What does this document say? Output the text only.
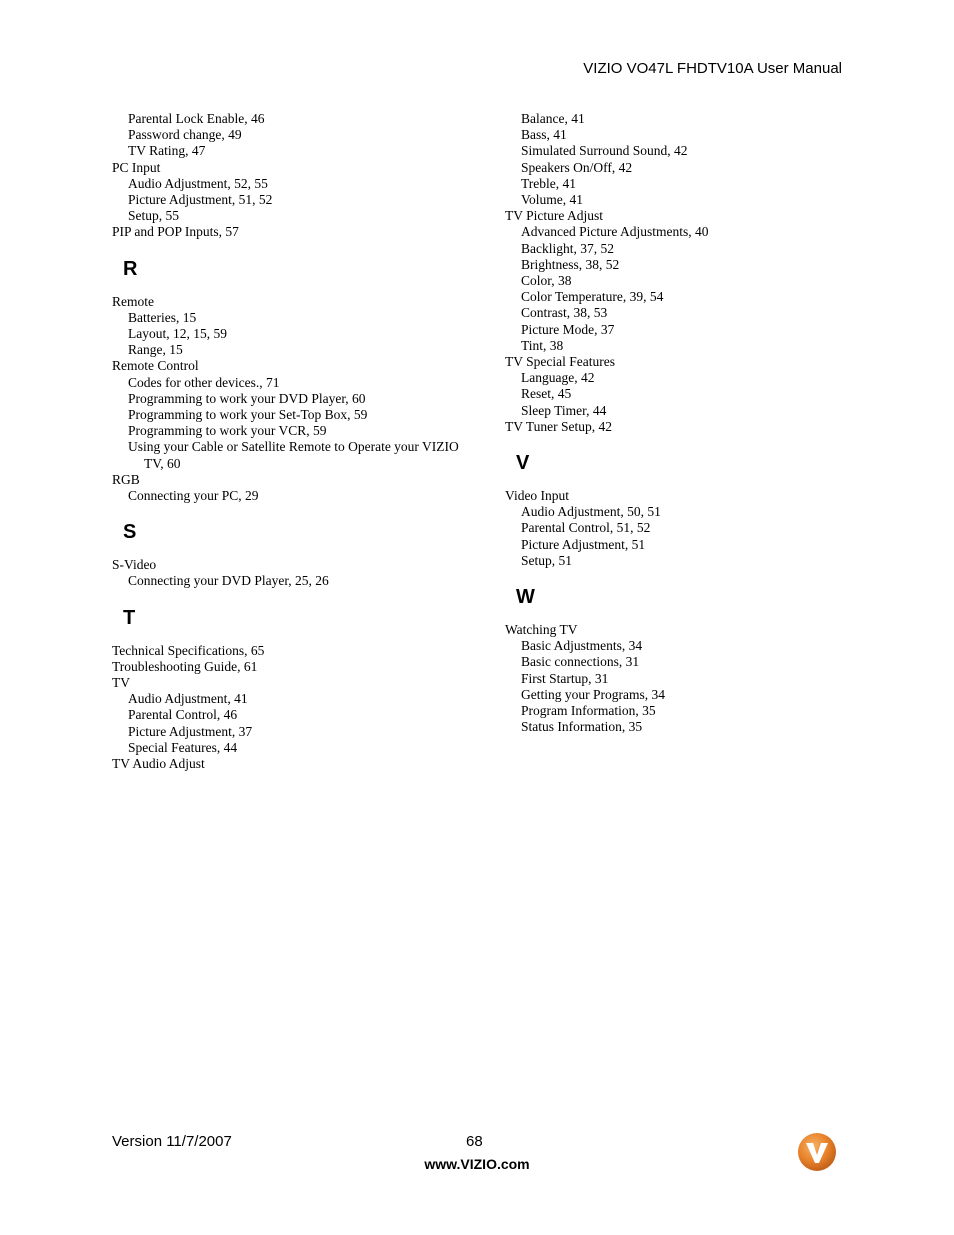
VIZIO VO47L FHDTV10A User Manual
Parental Lock Enable, 46
Password change, 49
TV Rating, 47
PC Input
Audio Adjustment, 52, 55
Picture Adjustment, 51, 52
Setup, 55
PIP and POP Inputs, 57
R
Remote
Batteries, 15
Layout, 12, 15, 59
Range, 15
Remote Control
Codes for other devices., 71
Programming to work your DVD Player, 60
Programming to work your Set-Top Box, 59
Programming to work your VCR, 59
Using your Cable or Satellite Remote to Operate your VIZIO TV, 60
RGB
Connecting your PC, 29
S
S-Video
Connecting your DVD Player, 25, 26
T
Technical Specifications, 65
Troubleshooting Guide, 61
TV
Audio Adjustment, 41
Parental Control, 46
Picture Adjustment, 37
Special Features, 44
TV Audio Adjust
Balance, 41
Bass, 41
Simulated Surround Sound, 42
Speakers On/Off, 42
Treble, 41
Volume, 41
TV Picture Adjust
Advanced Picture Adjustments, 40
Backlight, 37, 52
Brightness, 38, 52
Color, 38
Color Temperature, 39, 54
Contrast, 38, 53
Picture Mode, 37
Tint, 38
TV Special Features
Language, 42
Reset, 45
Sleep Timer, 44
TV Tuner Setup, 42
V
Video Input
Audio Adjustment, 50, 51
Parental Control, 51, 52
Picture Adjustment, 51
Setup, 51
W
Watching TV
Basic Adjustments, 34
Basic connections, 31
First Startup, 31
Getting your Programs, 34
Program Information, 35
Status Information, 35
Version 11/7/2007	68
www.VIZIO.com
